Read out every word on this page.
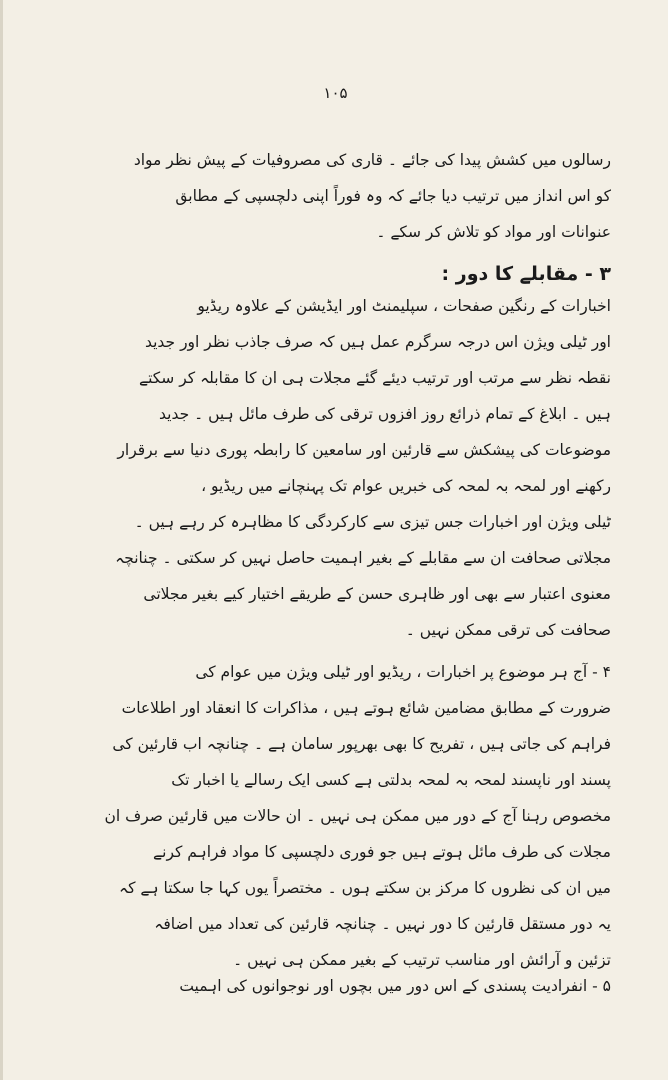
۱۰۵
رسالوں میں کشش پیدا کی جائے ۔ قاری کی مصروفیات کے پیش نظر مواد
کو اس انداز میں ترتیب دیا جائے کہ وہ فوراً اپنی دلچسپی کے مطابق
عنوانات اور مواد کو تلاش کر سکے ۔
۳ - مقابلے کا دور :
اخبارات کے رنگین صفحات ، سپلیمنٹ اور ایڈیشن کے علاوہ ریڈیو
اور ٹیلی ویژن اس درجہ سرگرم عمل ہیں کہ صرف جاذب نظر اور جدید
نقطہ نظر سے مرتب اور ترتیب دیئے گئے مجلات ہی ان کا مقابلہ کر سکتے
ہیں ۔ ابلاغ کے تمام ذرائع روز افزوں ترقی کی طرف مائل ہیں ۔ جدید
موضوعات کی پیشکش سے قارئین اور سامعین کا رابطہ پوری دنیا سے برقرار
رکھنے اور لمحہ بہ لمحہ کی خبریں عوام تک پہنچانے میں ریڈیو ،
ٹیلی ویژن اور اخبارات جس تیزی سے کارکردگی کا مظاہرہ کر رہے ہیں ۔
مجلاتی صحافت ان سے مقابلے کے بغیر اہمیت حاصل نہیں کر سکتی ۔ چنانچہ
معنوی اعتبار سے بھی اور ظاہری حسن کے طریقے اختیار کیے بغیر مجلاتی
صحافت کی ترقی ممکن نہیں ۔
۴ - آج ہر موضوع پر اخبارات ، ریڈیو اور ٹیلی ویژن میں عوام کی
ضرورت کے مطابق مضامین شائع ہوتے ہیں ، مذاکرات کا انعقاد اور اطلاعات
فراہم کی جاتی ہیں ، تفریح کا بھی بھرپور سامان ہے ۔ چنانچہ اب قارئین کی
پسند اور ناپسند لمحہ بہ لمحہ بدلتی ہے کسی ایک رسالے یا اخبار تک
مخصوص رہنا آج کے دور میں ممکن ہی نہیں ۔ ان حالات میں قارئین صرف ان
مجلات کی طرف مائل ہوتے ہیں جو فوری دلچسپی کا مواد فراہم کرنے
میں ان کی نظروں کا مرکز بن سکتے ہوں ۔ مختصراً یوں کہا جا سکتا ہے کہ
یہ دور مستقل قارئین کا دور نہیں ۔ چنانچہ قارئین کی تعداد میں اضافہ
تزئین و آرائش اور مناسب ترتیب کے بغیر ممکن ہی نہیں ۔
۵ - انفرادیت پسندی کے اس دور میں بچوں اور نوجوانوں کی اہمیت
